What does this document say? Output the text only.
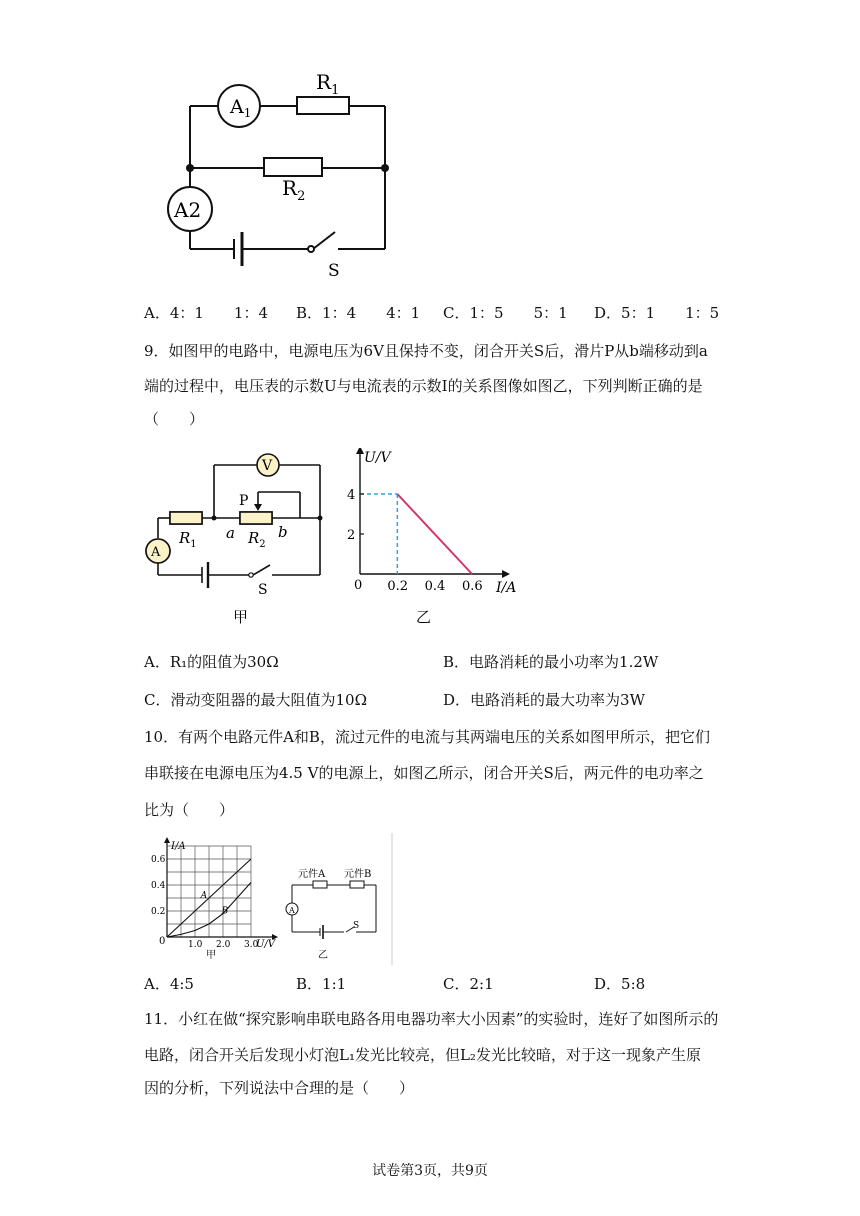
$A_1$
$R_1$
$R_2$
A2
S
A．4：1　　1：4 B．1：4　　4：1 C．1：5　　5：1 D．5：1　　1：5
9．如图甲的电路中，电源电压为6V且保持不变，闭合开关S后，滑片P从b端移动到a
端的过程中，电压表的示数U与电流表的示数I的关系图像如图乙，下列判断正确的是
（　　）
V
A
P
$R_1$	$R_2$
a	b
S
甲
U/V
I/A
0 0.2 0.4 0.6
2
4
乙
A．R₁的阻值为30Ω	B．电路消耗的最小功率为1.2W
C．滑动变阻器的最大阻值为10Ω	D．电路消耗的最大功率为3W
10．有两个电路元件A和B，流过元件的电流与其两端电压的关系如图甲所示，把它们
串联接在电源电压为4.5 V的电源上，如图乙所示，闭合开关S后，两元件的电功率之
比为（　　）
I/A
U/V
0
A
B
1.0 2.0 3.0
0.2
0.4
0.6
甲
元件A 元件B
A
S
乙
A．4:5	B．1:1	C．2:1	D．5:8
11．小红在做“探究影响串联电路各用电器功率大小因素”的实验时，连好了如图所示的
电路，闭合开关后发现小灯泡L₁发光比较亮，但L₂发光比较暗，对于这一现象产生原
因的分析，下列说法中合理的是（　　）
试卷第3页，共9页
